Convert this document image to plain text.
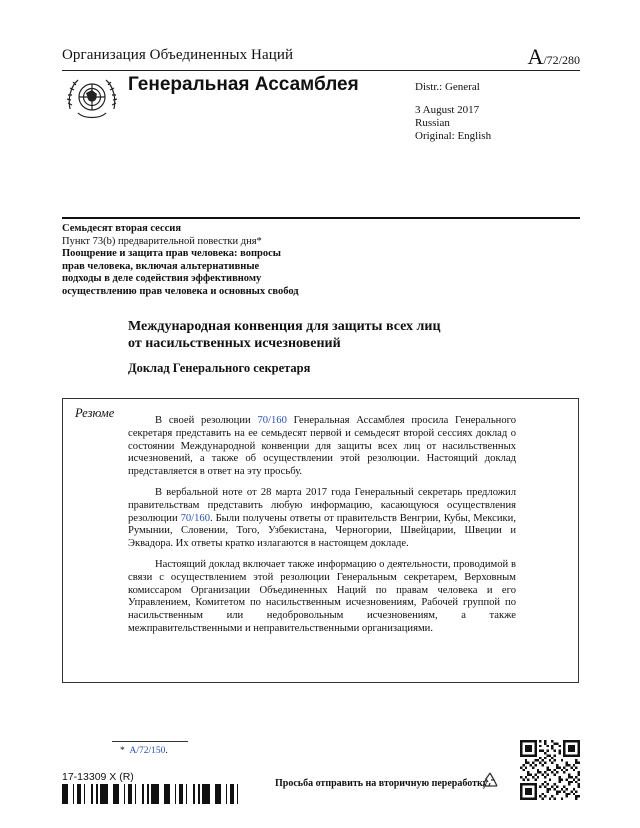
Организация Объединенных Наций	A/72/280
Генеральная Ассамблея	Distr.: General
3 August 2017
Russian
Original: English
Семьдесят вторая сессия
Пункт 73(b) предварительной повестки дня*
Поощрение и защита прав человека: вопросы
прав человека, включая альтернативные
подходы в деле содействия эффективному
осуществлению прав человека и основных свобод
Международная конвенция для защиты всех лиц
от насильственных исчезновений
Доклад Генерального секретаря
Резюме

В своей резолюции 70/160 Генеральная Ассамблея просила Генерального секретаря представить на ее семьдесят первой и семьдесят второй сессиях доклад о состоянии Международной конвенции для защиты всех лиц от насильственных исчезновений, а также об осуществлении этой резолюции. Настоящий доклад представляется в ответ на эту просьбу.

В вербальной ноте от 28 марта 2017 года Генеральный секретарь предложил правительствам представить любую информацию, касающуюся осуществления резолюции 70/160. Были получены ответы от правительств Венгрии, Кубы, Мексики, Румынии, Словении, Того, Узбекистана, Черногории, Швейцарии, Швеции и Эквадора. Их ответы кратко излагаются в настоящем докладе.

Настоящий доклад включает также информацию о деятельности, проводимой в связи с осуществлением этой резолюции Генеральным секретарем, Верховным комиссаром Организации Объединенных Наций по правам человека и его Управлением, Комитетом по насильственным исчезновениям, Рабочей группой по насильственным или недобровольным исчезновениям, а также межправительственными и неправительственными организациями.

* A/72/150.
17-13309 X (R)
Просьба отправить на вторичную переработку
